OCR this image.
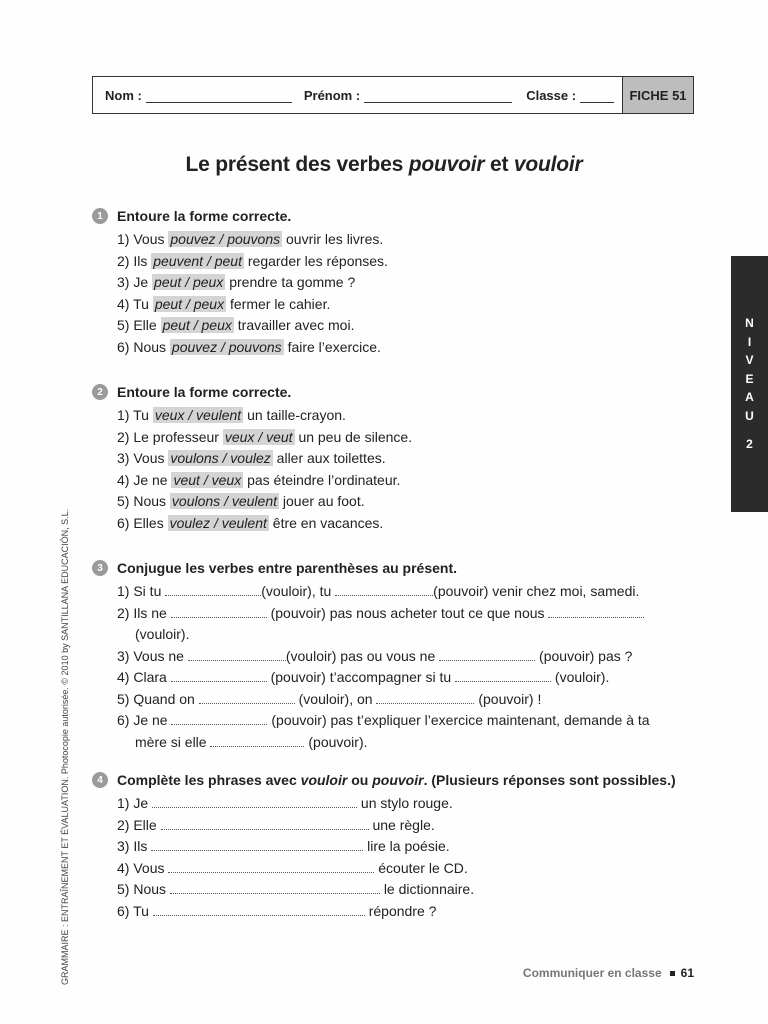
Nom :	Prénom :	Classe :	FICHE 51
Le présent des verbes pouvoir et vouloir
1	Entoure la forme correcte.
1) Vous pouvez / pouvons ouvrir les livres.
2) Ils peuvent / peut regarder les réponses.
3) Je peut / peux prendre ta gomme ?
4) Tu peut / peux fermer le cahier.
5) Elle peut / peux travailler avec moi.
6) Nous pouvez / pouvons faire l’exercice.
2	Entoure la forme correcte.
1) Tu veux / veulent un taille-crayon.
2) Le professeur veux / veut un peu de silence.
3) Vous voulons / voulez aller aux toilettes.
4) Je ne veut / veux pas éteindre l’ordinateur.
5) Nous voulons / veulent jouer au foot.
6) Elles voulez / veulent être en vacances.
3	Conjugue les verbes entre parenthèses au présent.
1) Si tu	(vouloir), tu	(pouvoir) venir chez moi, samedi.
2) Ils ne	(pouvoir) pas nous acheter tout ce que nous
(vouloir).
3) Vous ne	(vouloir) pas ou vous ne	(pouvoir) pas ?
4) Clara	(pouvoir) t’accompagner si tu	(vouloir).
5) Quand on	(vouloir), on	(pouvoir) !
6) Je ne	(pouvoir) pas t’expliquer l’exercice maintenant, demande à ta
mère si elle	(pouvoir).
4	Complète les phrases avec vouloir ou pouvoir. (Plusieurs réponses sont possibles.)
1) Je	un stylo rouge.
2) Elle	une règle.
3) Ils	lire la poésie.
4) Vous	écouter le CD.
5) Nous	le dictionnaire.
6) Tu	répondre ?
N
I
V
E
A
U
2
GRAMMAIRE : ENTRAÎNEMENT ET ÉVALUATION. Photocopie autorisée. © 2010 by SANTILLANA EDUCACIÓN, S.L.	Communiquer en classe 61
